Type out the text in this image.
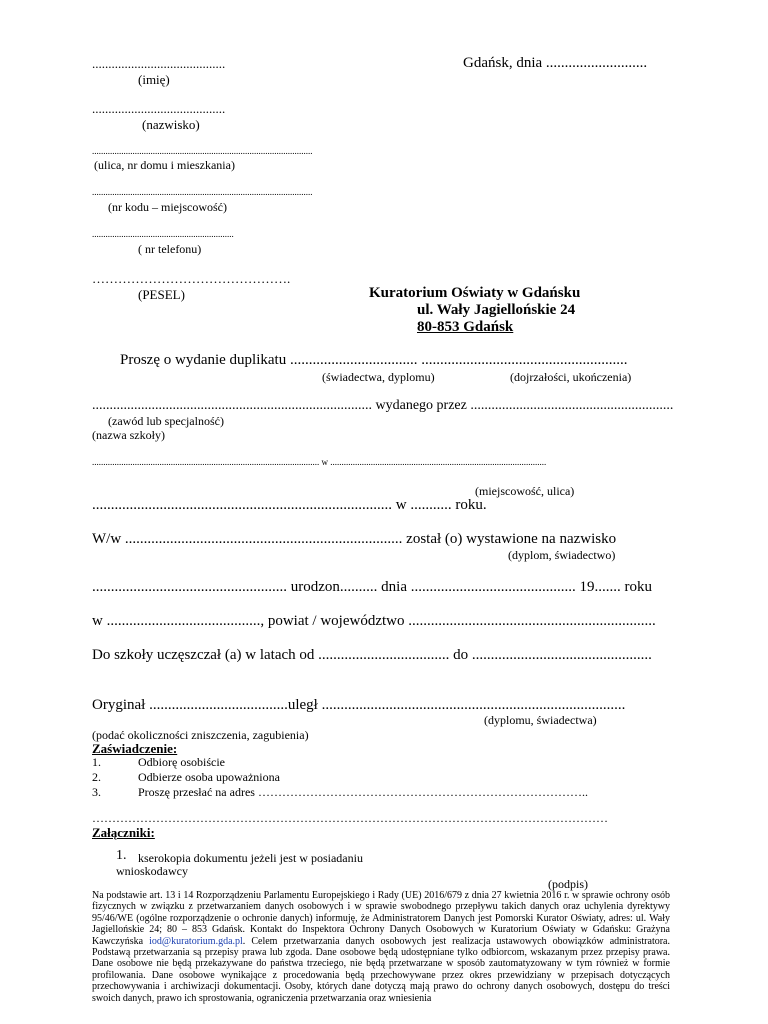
.........................................
(imię)
Gdańsk, dnia ...........................
.........................................
(nazwisko)
..................................................................................................
(ulica, nr domu i mieszkania)
..................................................................................................
(nr kodu – miejscowość)
...............................................................
( nr telefonu)
……………………………………….
(PESEL)	Kuratorium Oświaty w Gdańsku
ul. Wały Jagiellońskie 24
80-853 Gdańsk
Proszę o wydanie duplikatu .................................. .......................................................
(świadectwa, dyplomu)	(dojrzałości, ukończenia)
................................................................................ wydanego przez ..........................................................
(zawód lub specjalność)
(nazwa szkoły)
..................................................................................................... w ................................................................................................
(miejscowość, ulica)
................................................................................ w ........... roku.
W/w .......................................................................... został (o) wystawione na nazwisko
(dyplom, świadectwo)
.................................................... urodzon.......... dnia ............................................ 19....... roku
w ........................................., powiat / województwo ..................................................................
Do szkoły uczęszczał (a) w latach od ................................... do ................................................
Oryginał .....................................uległ .................................................................................
(dyplomu, świadectwa)
(podać okoliczności zniszczenia, zagubienia)
Zaświadczenie:
1.	Odbiorę osobiście
2.	Odbierze osoba upoważniona
3.	Proszę przesłać na adres ………………………………………………………………………..
…………………………………………………………………………………………………………………
Załączniki:
1. kserokopia dokumentu jeżeli jest w posiadaniu
wnioskodawcy
(podpis)
Na podstawie art. 13 i 14 Rozporządzeniu Parlamentu Europejskiego i Rady (UE) 2016/679 z dnia 27 kwietnia 2016 r. w sprawie ochrony osób fizycznych w związku z przetwarzaniem danych osobowych i w sprawie swobodnego przepływu takich danych oraz uchylenia dyrektywy 95/46/WE (ogólne rozporządzenie o ochronie danych) informuję, że Administratorem Danych jest Pomorski Kurator Oświaty, adres: ul. Wały Jagiellońskie 24; 80 – 853 Gdańsk. Kontakt do Inspektora Ochrony Danych Osobowych w Kuratorium Oświaty w Gdańsku: Grażyna Kawczyńska iod@kuratorium.gda.pl. Celem przetwarzania danych osobowych jest realizacja ustawowych obowiązków administratora. Podstawą przetwarzania są przepisy prawa lub zgoda. Dane osobowe będą udostępniane tylko odbiorcom, wskazanym przez przepisy prawa. Dane osobowe nie będą przekazywane do państwa trzeciego, nie będą przetwarzane w sposób zautomatyzowany w tym również w formie profilowania. Dane osobowe wynikające z procedowania będą przechowywane przez okres przewidziany w przepisach dotyczących przechowywania i archiwizacji dokumentacji. Osoby, których dane dotyczą mają prawo do ochrony danych osobowych, dostępu do treści swoich danych, prawo ich sprostowania, ograniczenia przetwarzania oraz wniesienia
